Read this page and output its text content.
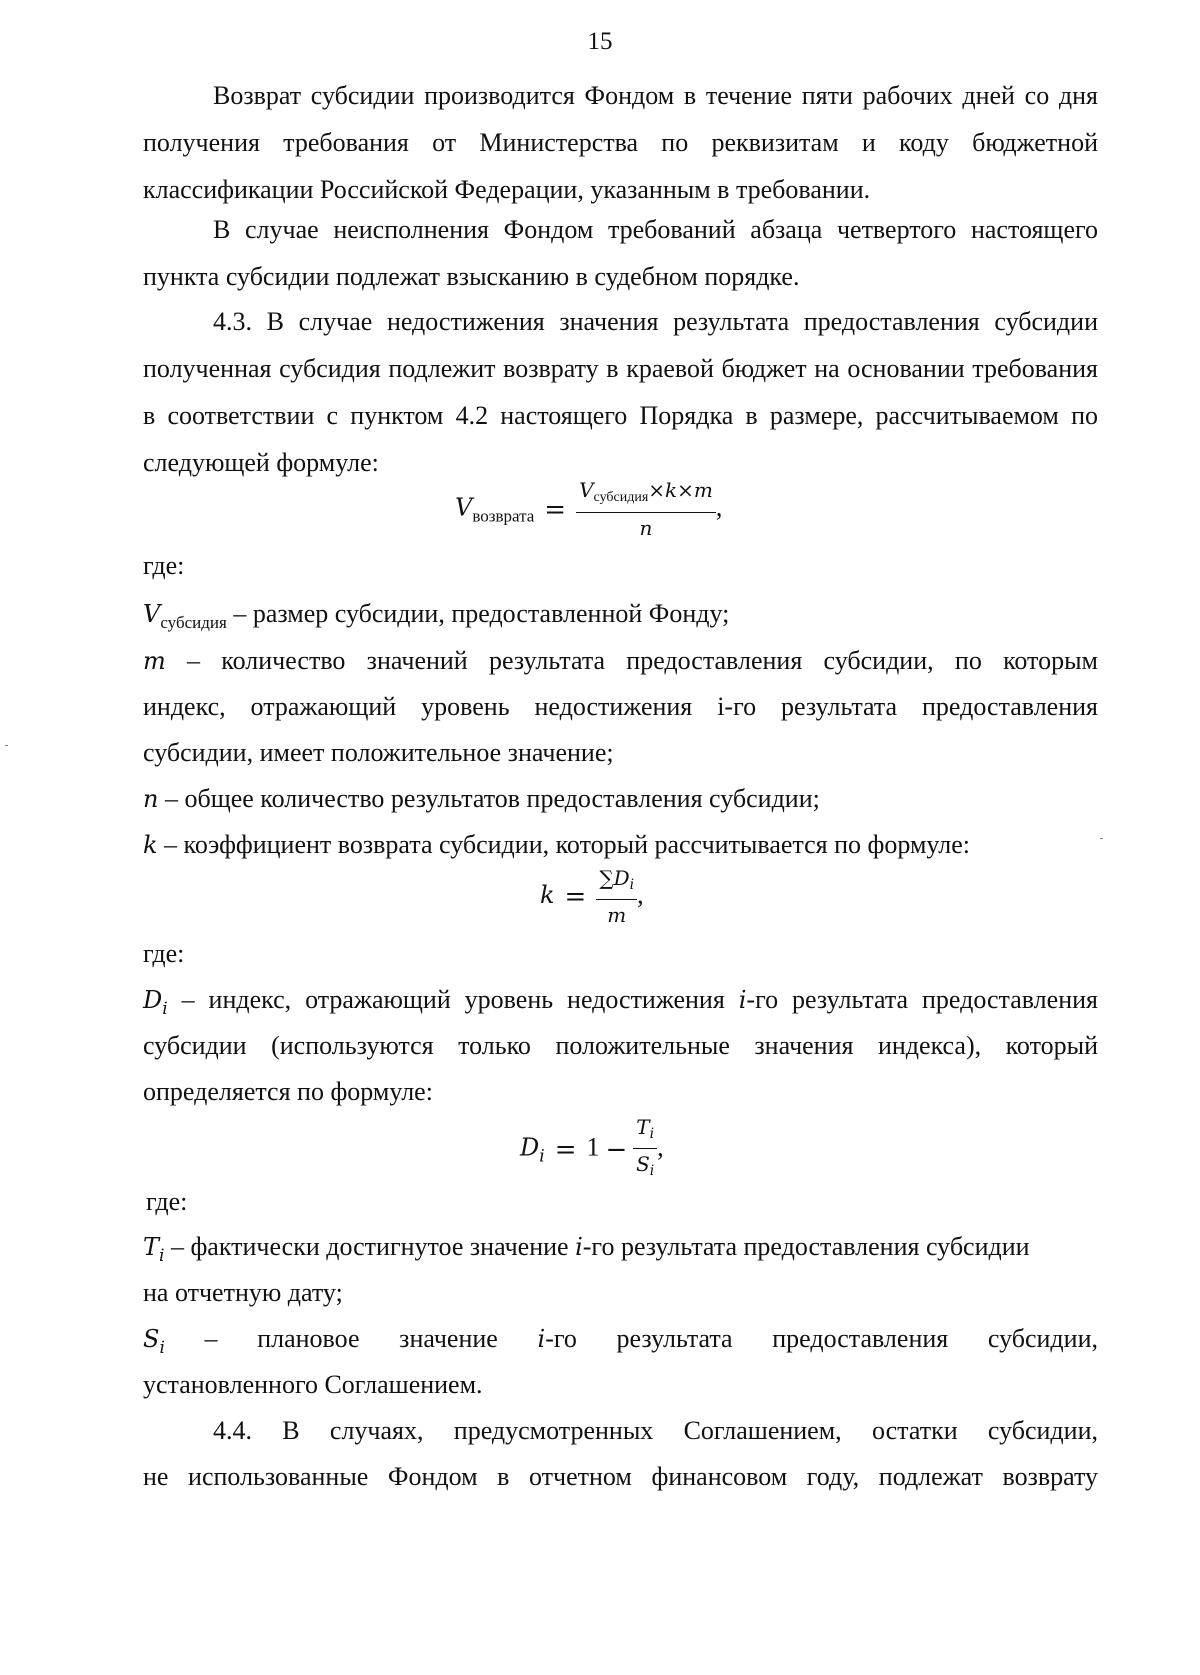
15

Возврат субсидии производится Фондом в течение пяти рабочих дней со дня получения требования от Министерства по реквизитам и коду бюджетной классификации Российской Федерации, указанным в требовании.

В случае неисполнения Фондом требований абзаца четвертого настоящего пункта субсидии подлежат взысканию в судебном порядке.

4.3. В случае недостижения значения результата предоставления субсидии полученная субсидия подлежит возврату в краевой бюджет на основании требования в соответствии с пунктом 4.2 настоящего Порядка в размере, рассчитываемом по следующей формуле:

$V_{возврата} = \frac{V_{субсидия}\times k\times m}{n}$ ,
где:
$V_{субсидия}$ – размер субсидии, предоставленной Фонду;
m – количество значений результата предоставления субсидии, по которым
индекс, отражающий уровень недостижения i-го результата предоставления
субсидии, имеет положительное значение;
n – общее количество результатов предоставления субсидии;
k – коэффициент возврата субсидии, который рассчитывается по формуле:
$k = \frac{\sum D_i}{m}$ ,
где:
$D_i$ – индекс, отражающий уровень недостижения i-го результата предоставления
субсидии (используются только положительные значения индекса), который
определяется по формуле:
$D_i = 1 - \frac{T_i}{S_i}$ ,
где:
$T_i$ – фактически достигнутое значение i-го результата предоставления субсидии
на отчетную дату;
$S_i$ – плановое значение i-го результата предоставления субсидии,
установленного Соглашением.
4.4. В случаях, предусмотренных Соглашением, остатки субсидии,
не использованные Фондом в отчетном финансовом году, подлежат возврату
